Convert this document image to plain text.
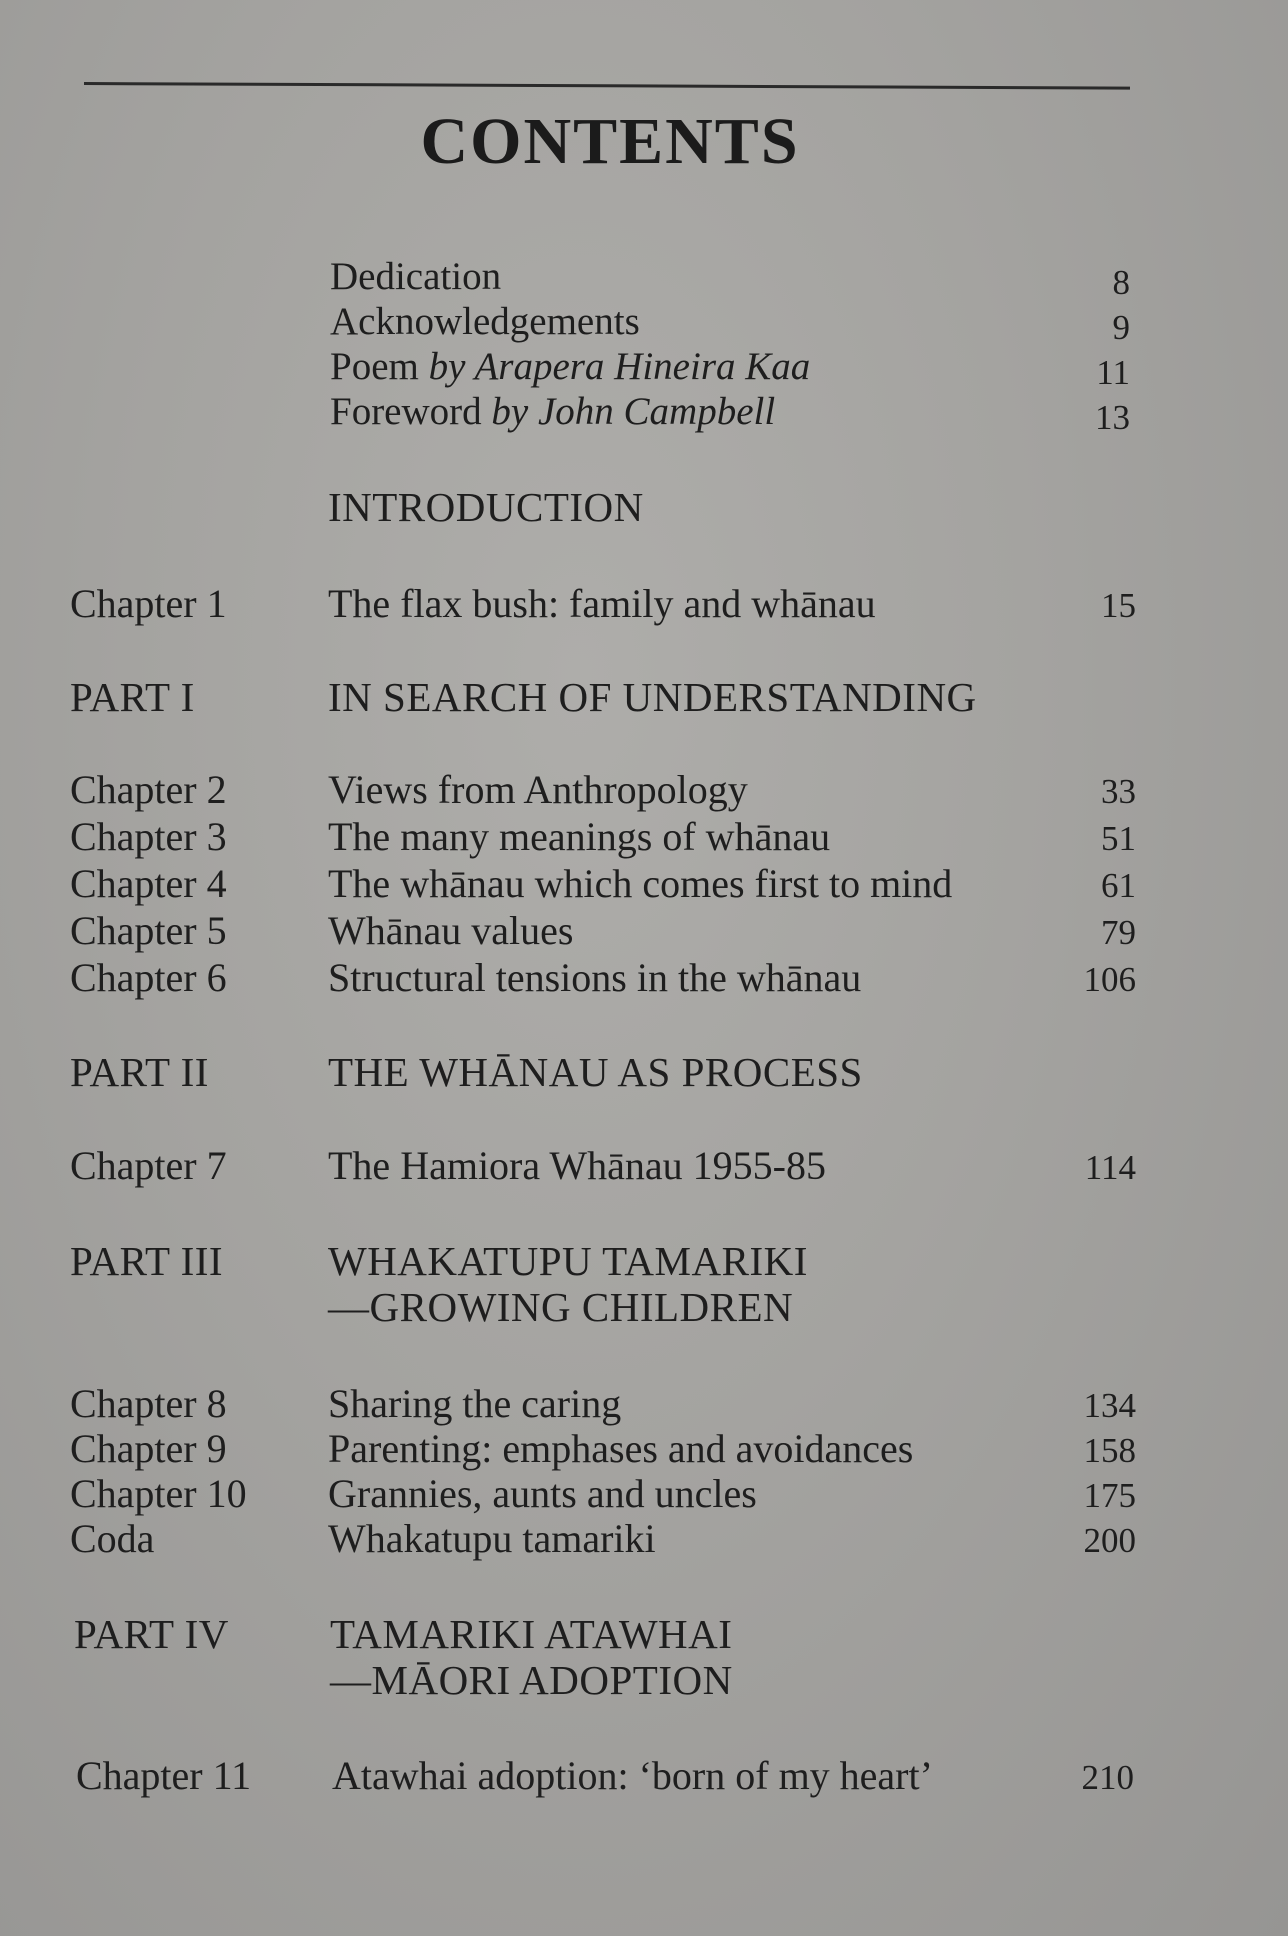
CONTENTS
Dedication	8
Acknowledgements	9
Poem by Arapera Hineira Kaa	11
Foreword by John Campbell	13
INTRODUCTION
Chapter 1	The flax bush: family and whānau	15
PART I	IN SEARCH OF UNDERSTANDING
Chapter 2	Views from Anthropology	33
Chapter 3	The many meanings of whānau	51
Chapter 4	The whānau which comes first to mind	61
Chapter 5	Whānau values	79
Chapter 6	Structural tensions in the whānau	106
PART II	THE WHĀNAU AS PROCESS
Chapter 7	The Hamiora Whānau 1955-85	114
PART III	WHAKATUPU TAMARIKI
—GROWING CHILDREN
Chapter 8	Sharing the caring	134
Chapter 9	Parenting: emphases and avoidances	158
Chapter 10 Grannies, aunts and uncles	175
Coda	Whakatupu tamariki	200
PART IV TAMARIKI ATAWHAI
—MĀORI ADOPTION
Chapter 11 Atawhai adoption: ‘born of my heart’	210
